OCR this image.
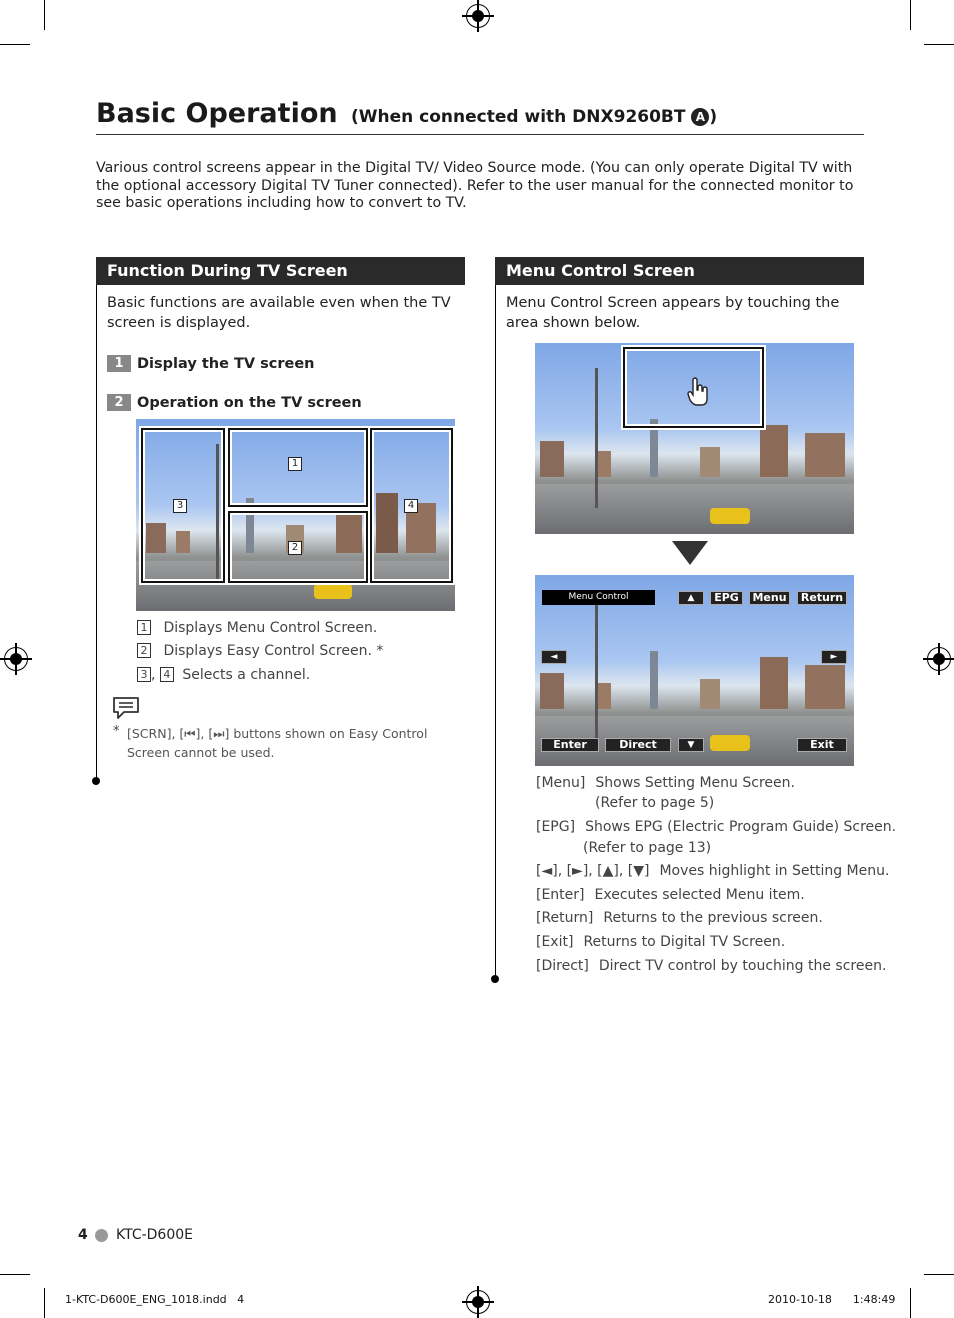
Basic Operation (When connected with DNX9260BT A )
Various control screens appear in the Digital TV/ Video Source mode. (You can only operate Digital TV with the optional accessory Digital TV Tuner connected). Refer to the user manual for the connected monitor to see basic operations including how to convert to TV.
Function During TV Screen
Basic functions are available even when the TV screen is displayed.
1 Display the TV screen
2 Operation on the TV screen
1
2
3	4
1 Displays Menu Control Screen.
2 Displays Easy Control Screen. *
3 , 4 Selects a channel.
* [SCRN], [⏮], [⏭] buttons shown on Easy Control Screen cannot be used.
Menu Control Screen
Menu Control Screen appears by touching the area shown below.
Menu Control	▲	EPG	Menu	Return
◄	►
Enter	Direct	▼	Exit
[Menu] Shows Setting Menu Screen.
(Refer to page 5)
[EPG] Shows EPG (Electric Program Guide) Screen.
(Refer to page 13)
[◄], [►], [▲], [▼] Moves highlight in Setting Menu.
[Enter] Executes selected Menu item.
[Return] Returns to the previous screen.
[Exit] Returns to Digital TV Screen.
[Direct] Direct TV control by touching the screen.
4 KTC-D600E
1-KTC-D600E_ENG_1018.indd   4	2010-10-18      1:48:49
